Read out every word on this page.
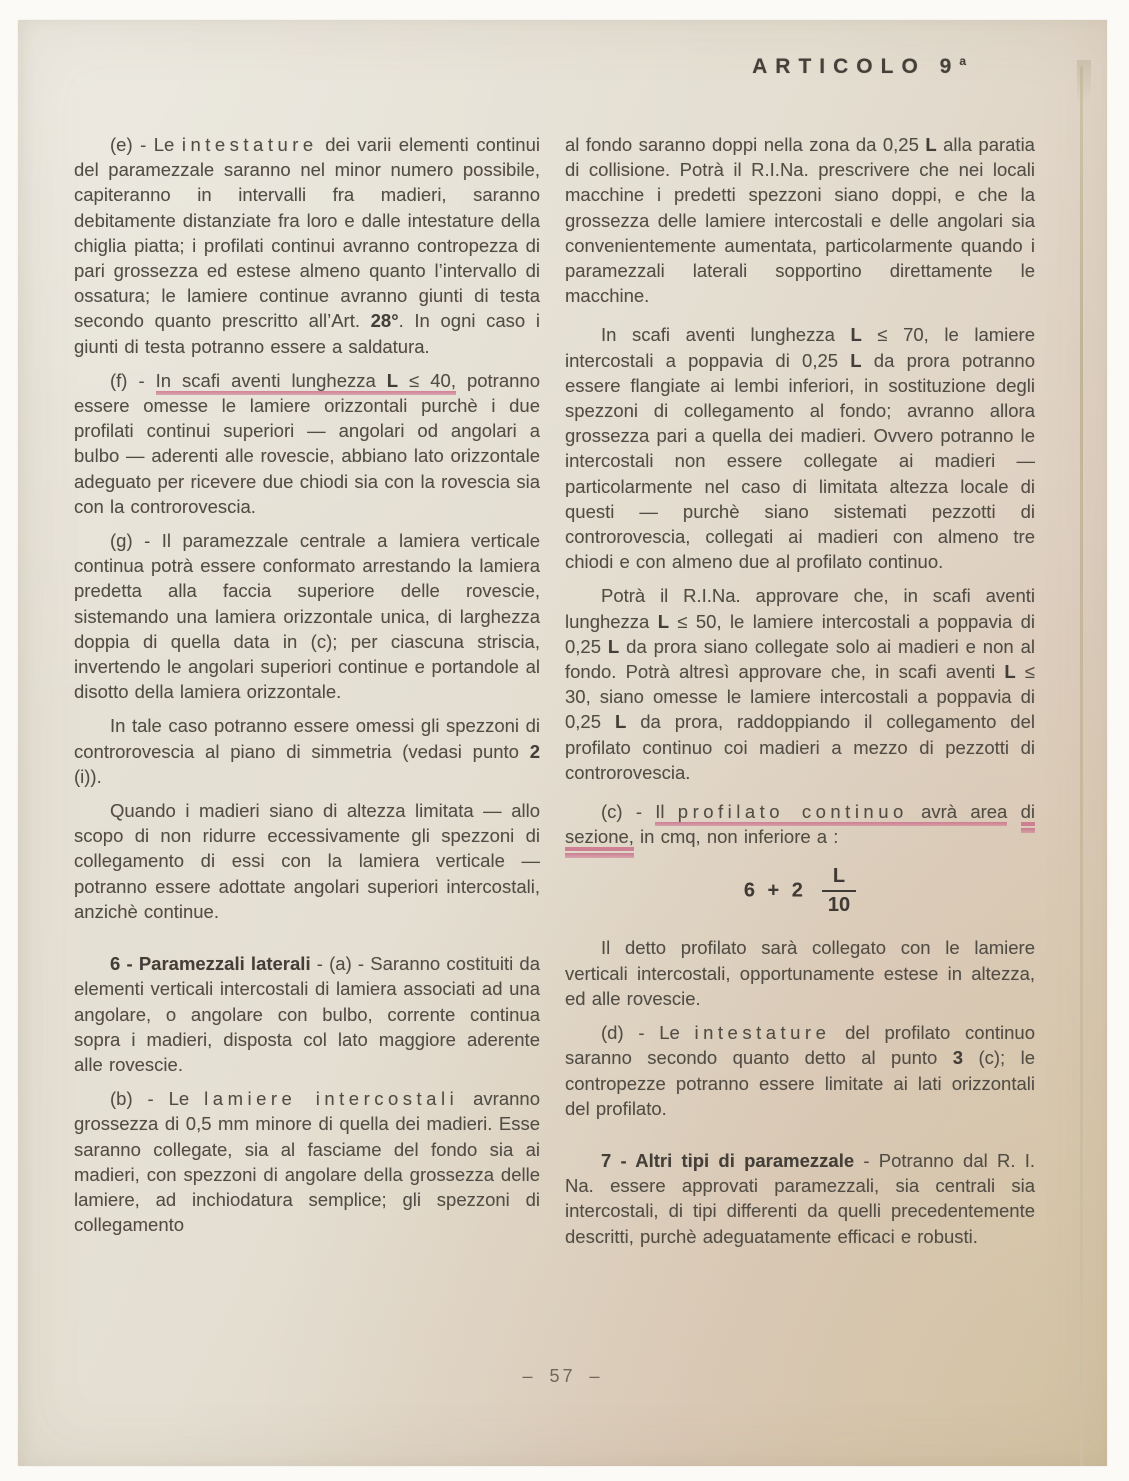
ARTICOLO 9$^a$

(e) - Le intestature dei varii elementi continui del paramezzale saranno nel minor numero possibile, capiteranno in intervalli fra madieri, saranno debitamente distanziate fra loro e dalle intestature della chiglia piatta; i profilati continui avranno contropezza di pari grossezza ed estese almeno quanto l’intervallo di ossatura; le lamiere continue avranno giunti di testa secondo quanto prescritto all’Art. 28°. In ogni caso i giunti di testa potranno essere a saldatura.

(f) - In scafi aventi lunghezza L ≤ 40, potranno essere omesse le lamiere orizzontali purchè i due profilati continui superiori — angolari od angolari a bulbo — aderenti alle rovescie, abbiano lato orizzontale adeguato per ricevere due chiodi sia con la rovescia sia con la controrovescia.

(g) - Il paramezzale centrale a lamiera verticale continua potrà essere conformato arrestando la lamiera predetta alla faccia superiore delle rovescie, sistemando una lamiera orizzontale unica, di larghezza doppia di quella data in (c); per ciascuna striscia, invertendo le angolari superiori continue e portandole al disotto della lamiera orizzontale.

In tale caso potranno essere omessi gli spezzoni di controrovescia al piano di simmetria (vedasi punto 2 (i)).

Quando i madieri siano di altezza limitata — allo scopo di non ridurre eccessivamente gli spezzoni di collegamento di essi con la lamiera verticale — potranno essere adottate angolari superiori intercostali, anzichè continue.

6 - Paramezzali laterali - (a) - Saranno costituiti da elementi verticali intercostali di lamiera associati ad una angolare, o angolare con bulbo, corrente continua sopra i madieri, disposta col lato maggiore aderente alle rovescie.

(b) - Le lamiere intercostali avranno grossezza di 0,5 mm minore di quella dei madieri. Esse saranno collegate, sia al fasciame del fondo sia ai madieri, con spezzoni di angolare della grossezza delle lamiere, ad inchiodatura semplice; gli spezzoni di collegamento

al fondo saranno doppi nella zona da 0,25 L alla paratia di collisione. Potrà il R.I.Na. prescrivere che nei locali macchine i predetti spezzoni siano doppi, e che la grossezza delle lamiere intercostali e delle angolari sia convenientemente aumentata, particolarmente quando i paramezzali laterali sopportino direttamente le macchine.

In scafi aventi lunghezza L ≤ 70, le lamiere intercostali a poppavia di 0,25 L da prora potranno essere flangiate ai lembi inferiori, in sostituzione degli spezzoni di collegamento al fondo; avranno allora grossezza pari a quella dei madieri. Ovvero potranno le intercostali non essere collegate ai madieri — particolarmente nel caso di limitata altezza locale di questi — purchè siano sistemati pezzotti di controrovescia, collegati ai madieri con almeno tre chiodi e con almeno due al profilato continuo.

Potrà il R.I.Na. approvare che, in scafi aventi lunghezza L ≤ 50, le lamiere intercostali a poppavia di 0,25 L da prora siano collegate solo ai madieri e non al fondo. Potrà altresì approvare che, in scafi aventi L ≤ 30, siano omesse le lamiere intercostali a poppavia di 0,25 L da prora, raddoppiando il collegamento del profilato continuo coi madieri a mezzo di pezzotti di controrovescia.

(c) - Il profilato continuo avrà area di sezione, in cmq, non inferiore a :

$6 + 2 \frac{L}{10}$

Il detto profilato sarà collegato con le lamiere verticali intercostali, opportunamente estese in altezza, ed alle rovescie.

(d) - Le intestature del profilato continuo saranno secondo quanto detto al punto 3 (c); le contropezze potranno essere limitate ai lati orizzontali del profilato.

7 - Altri tipi di paramezzale - Potranno dal R. I. Na. essere approvati paramezzali, sia centrali sia intercostali, di tipi differenti da quelli precedentemente descritti, purchè adeguatamente efficaci e robusti.

– 57 –
